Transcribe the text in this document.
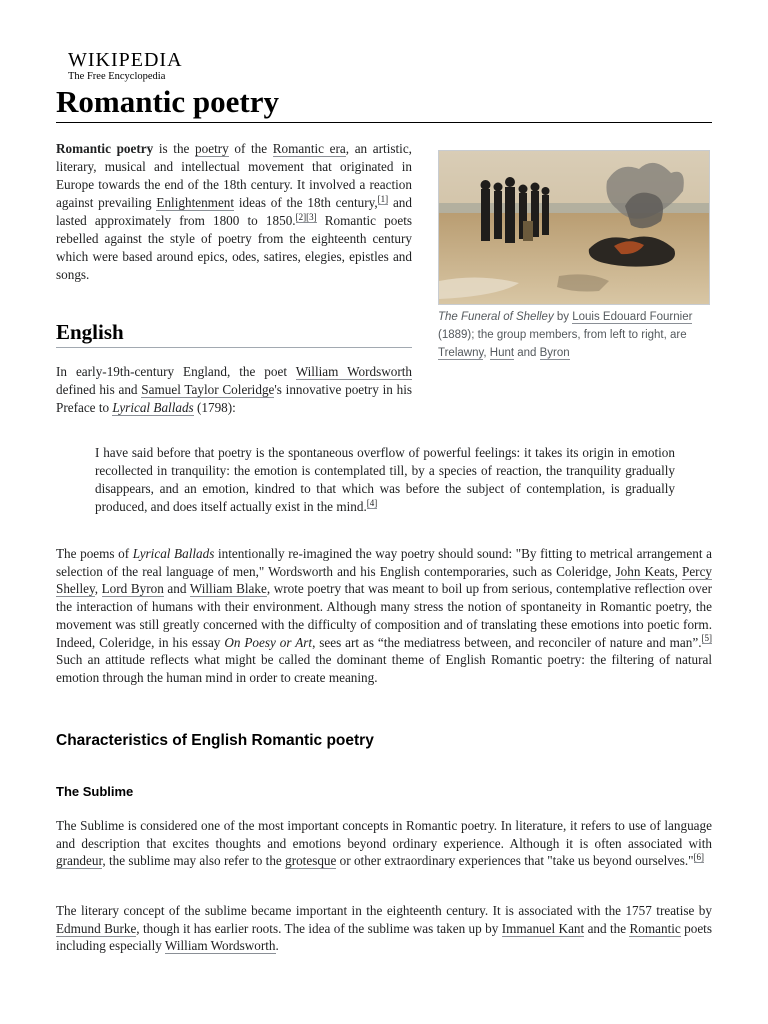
WIKIPEDIA
The Free Encyclopedia
Romantic poetry

Romantic poetry is the poetry of the Romantic era, an artistic, literary, musical and intellectual movement that originated in Europe towards the end of the 18th century. It involved a reaction against prevailing Enlightenment ideas of the 18th century,[1] and lasted approximately from 1800 to 1850.[2][3] Romantic poets rebelled against the style of poetry from the eighteenth century which were based around epics, odes, satires, elegies, epistles and songs.

The Funeral of Shelley by Louis Edouard Fournier (1889); the group members, from left to right, are Trelawny, Hunt and Byron
English

In early-19th-century England, the poet William Wordsworth defined his and Samuel Taylor Coleridge's innovative poetry in his Preface to Lyrical Ballads (1798):

I have said before that poetry is the spontaneous overflow of powerful feelings: it takes its origin in emotion recollected in tranquility: the emotion is contemplated till, by a species of reaction, the tranquility gradually disappears, and an emotion, kindred to that which was before the subject of contemplation, is gradually produced, and does itself actually exist in the mind.[4]

The poems of Lyrical Ballads intentionally re-imagined the way poetry should sound: "By fitting to metrical arrangement a selection of the real language of men," Wordsworth and his English contemporaries, such as Coleridge, John Keats, Percy Shelley, Lord Byron and William Blake, wrote poetry that was meant to boil up from serious, contemplative reflection over the interaction of humans with their environment. Although many stress the notion of spontaneity in Romantic poetry, the movement was still greatly concerned with the difficulty of composition and of translating these emotions into poetic form. Indeed, Coleridge, in his essay On Poesy or Art, sees art as “the mediatress between, and reconciler of nature and man”.[5] Such an attitude reflects what might be called the dominant theme of English Romantic poetry: the filtering of natural emotion through the human mind in order to create meaning.

Characteristics of English Romantic poetry
The Sublime

The Sublime is considered one of the most important concepts in Romantic poetry. In literature, it refers to use of language and description that excites thoughts and emotions beyond ordinary experience. Although it is often associated with grandeur, the sublime may also refer to the grotesque or other extraordinary experiences that "take us beyond ourselves."[6]

The literary concept of the sublime became important in the eighteenth century. It is associated with the 1757 treatise by Edmund Burke, though it has earlier roots. The idea of the sublime was taken up by Immanuel Kant and the Romantic poets including especially William Wordsworth.
